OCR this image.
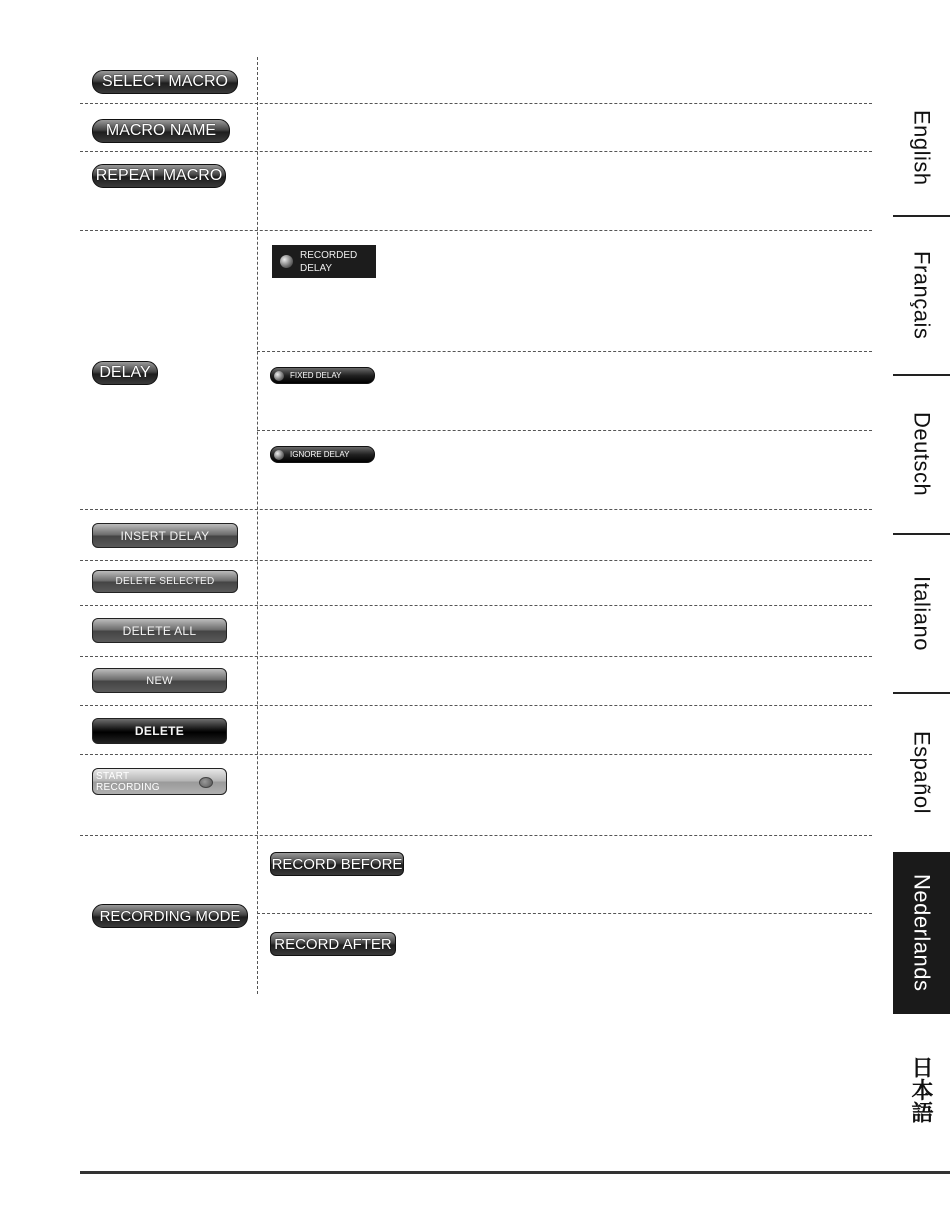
SELECT MACRO
MACRO NAME
REPEAT MACRO
DELAY
RECORDED
DELAY
FIXED DELAY
IGNORE DELAY
INSERT DELAY
DELETE SELECTED
DELETE ALL
NEW
DELETE
START
RECORDING
RECORDING MODE
RECORD BEFORE
RECORD AFTER
English
Français
Deutsch
Italiano
Español
Nederlands
日本語
